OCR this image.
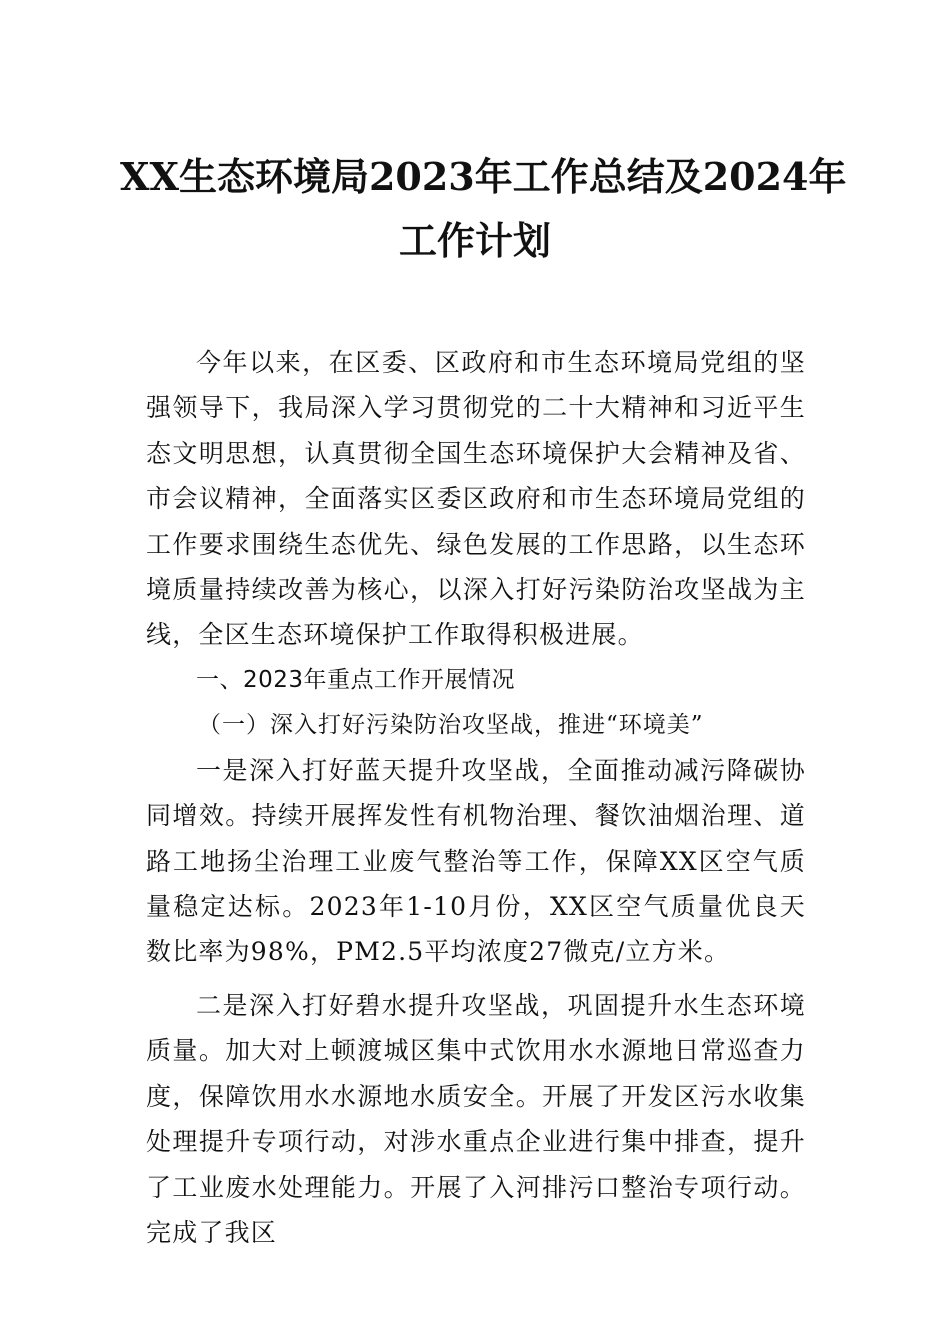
XX生态环境局2023年工作总结及2024年
工作计划

今年以来，在区委、区政府和市生态环境局党组的坚强领导下，我局深入学习贯彻党的二十大精神和习近平生态文明思想，认真贯彻全国生态环境保护大会精神及省、市会议精神，全面落实区委区政府和市生态环境局党组的工作要求围绕生态优先、绿色发展的工作思路，以生态环境质量持续改善为核心，以深入打好污染防治攻坚战为主线，全区生态环境保护工作取得积极进展。

一、2023年重点工作开展情况

（一）深入打好污染防治攻坚战，推进“环境美”

一是深入打好蓝天提升攻坚战，全面推动减污降碳协同增效。持续开展挥发性有机物治理、餐饮油烟治理、道路工地扬尘治理工业废气整治等工作，保障XX区空气质量稳定达标。2023年1-10月份，XX区空气质量优良天数比率为98%，PM2.5平均浓度27微克/立方米。

二是深入打好碧水提升攻坚战，巩固提升水生态环境质量。加大对上顿渡城区集中式饮用水水源地日常巡查力度，保障饮用水水源地水质安全。开展了开发区污水收集处理提升专项行动，对涉水重点企业进行集中排查，提升了工业废水处理能力。开展了入河排污口整治专项行动。完成了我区
